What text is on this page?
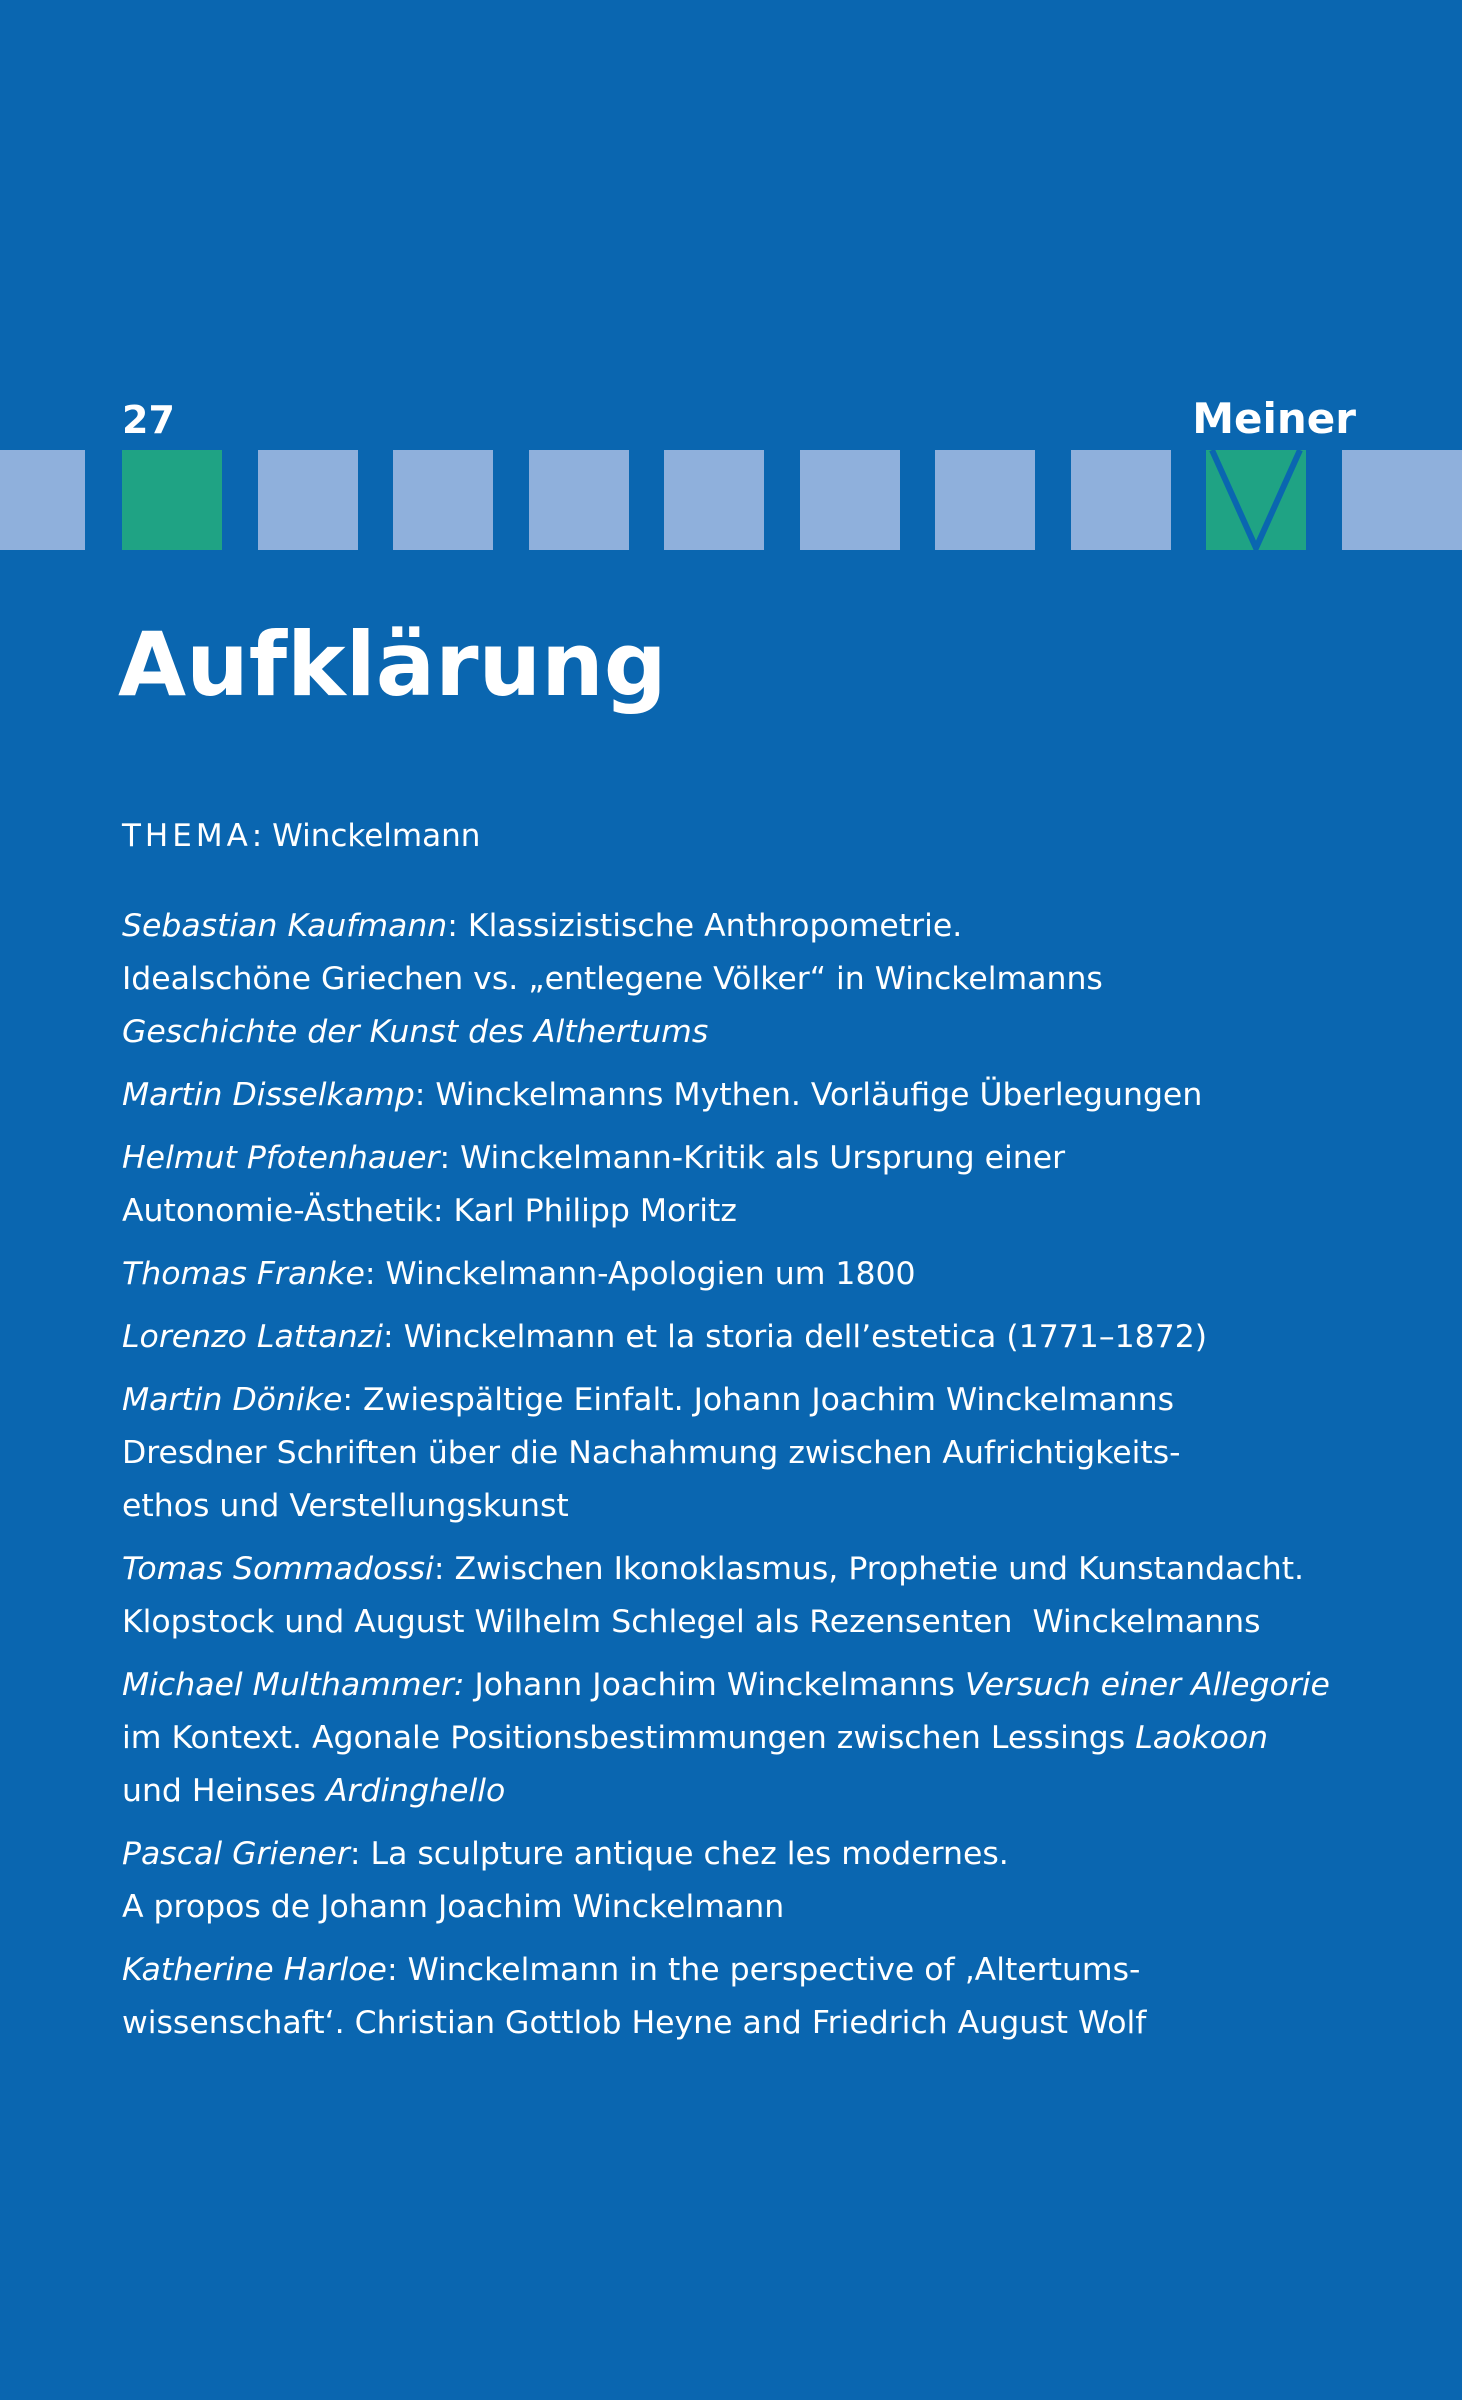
27	Meiner
Aufklärung
THEMA: Winckelmann
Sebastian Kaufmann: Klassizistische Anthropometrie.
Idealschöne Griechen vs. „entlegene Völker“ in Winckelmanns
Geschichte der Kunst des Althertums
Martin Disselkamp: Winckelmanns Mythen. Vorläufige Überlegungen
Helmut Pfotenhauer: Winckelmann-Kritik als Ursprung einer
Autonomie-Ästhetik: Karl Philipp Moritz
Thomas Franke: Winckelmann-Apologien um 1800
Lorenzo Lattanzi: Winckelmann et la storia dell’estetica (1771–1872)
Martin Dönike: Zwiespältige Einfalt. Johann Joachim Winckelmanns
Dresdner Schriften über die Nachahmung zwischen Aufrichtigkeits-
ethos und Verstellungskunst
Tomas Sommadossi: Zwischen Ikonoklasmus, Prophetie und Kunstandacht.
Klopstock und August Wilhelm Schlegel als Rezensenten  Winckelmanns
Michael Multhammer: Johann Joachim Winckelmanns Versuch einer Allegorie
im Kontext. Agonale Positionsbestimmungen zwischen Lessings Laokoon
und Heinses Ardinghello
Pascal Griener: La sculpture antique chez les modernes.
A propos de Johann Joachim Winckelmann
Katherine Harloe: Winckelmann in the perspective of ‚Altertums-
wissenschaft‘. Christian Gottlob Heyne and Friedrich August Wolf
